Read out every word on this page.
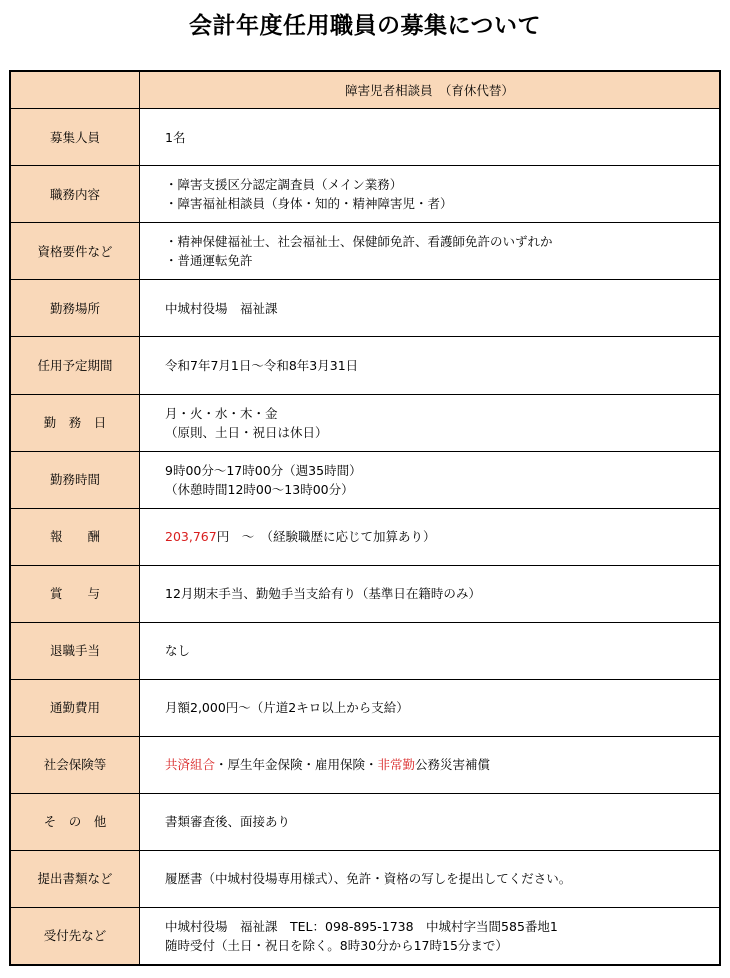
会計年度任用職員の募集について
	障害児者相談員　（育休代替）
募集人員	1名

職務内容	・障害支援区分認定調査員（メイン業務）
・障害福祉相談員（身体・知的・精神障害児・者）

資格要件など	・精神保健福祉士、社会福祉士、保健師免許、看護師免許のいずれか
・普通運転免許

勤務場所	中城村役場　福祉課

任用予定期間	令和7年7月1日～令和8年3月31日

勤　務　日	月・火・水・木・金
（原則、土日・祝日は休日）

勤務時間	9時00分～17時00分（週35時間）
（休憩時間12時00～13時00分）

報　　酬	203,767円　～　（経験職歴に応じて加算あり）
賞　　与	12月期末手当、勤勉手当支給有り（基準日在籍時のみ）

退職手当	なし

通勤費用	月額2,000円～（片道2キロ以上から支給）

社会保険等	共済組合・厚生年金保険・雇用保険・非常勤公務災害補償
そ　の　他	書類審査後、面接あり

提出書類など	履歴書（中城村役場専用様式）、免許・資格の写しを提出してください。

受付先など	中城村役場　福祉課　TEL：098-895-1738　中城村字当間585番地1
随時受付（土日・祝日を除く。8時30分から17時15分まで）
